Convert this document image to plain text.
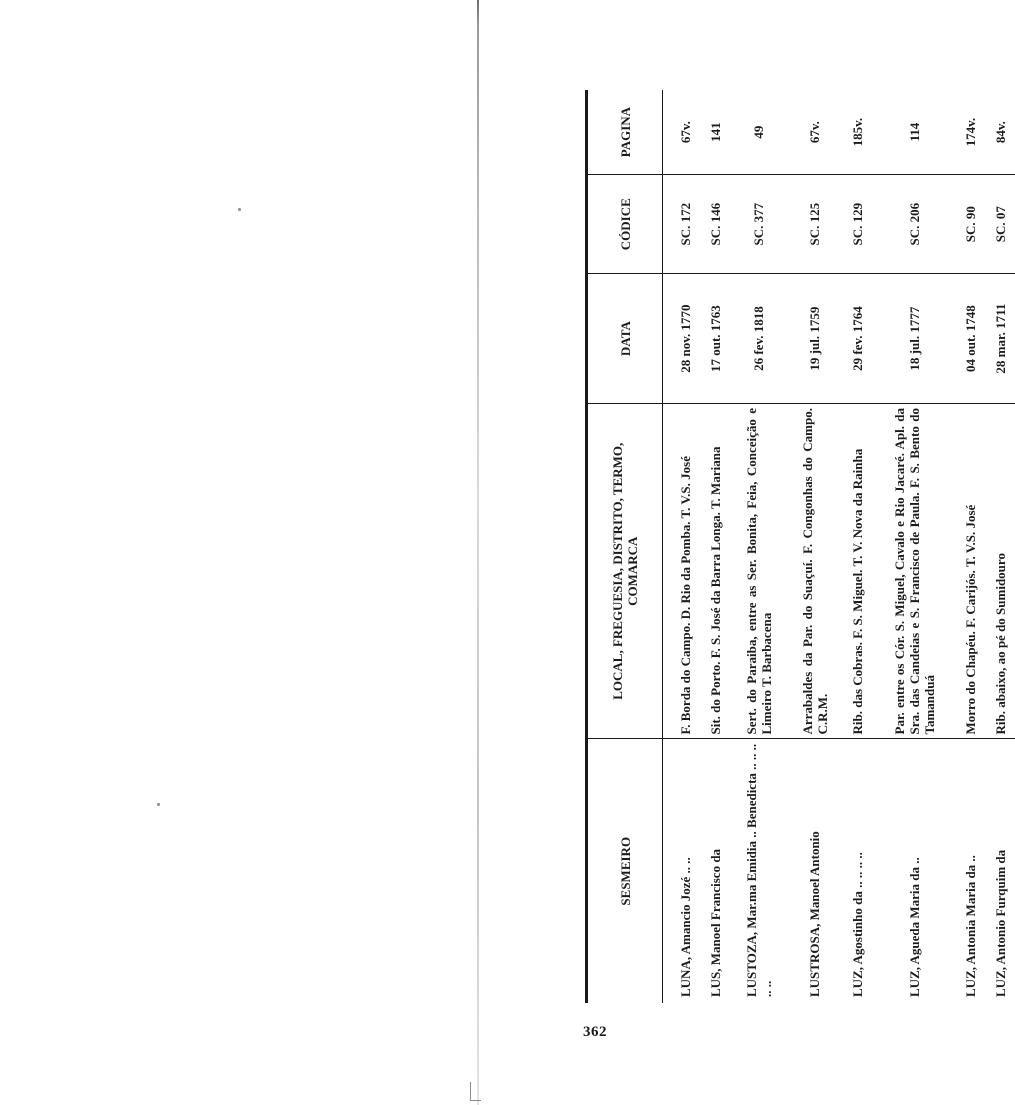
362
SESMEIRO	LOCAL, FREGUESIA, DISTRITO, TERMO, COMARCA	DATA	CÓDICE	PAGINA

LUNA, Amancio Jozé .. ..	F. Borda do Campo. D. Rio da Pomba. T. V.S. José	28 nov. 1770	SC. 172	67v.
LUS, Manoel Francisco da	Sit. do Porto. F. S. José da Barra Longa. T. Mariana	17 out. 1763	SC. 146	141
LUSTOZA, Mar.ma Emidia .. Benedicta .. .. .. .. ..	Sert. do Paraiba, entre as Ser. Bonita, Feia, Conceição e Limeiro T. Barbacena	26 fev. 1818	SC. 377	49
LUSTROSA, Manoel Antonio	Arrabaldes da Par. do Suaçuí. F. Congonhas do Campo. C.R.M.	19 jul. 1759	SC. 125	67v.
LUZ, Agostinho da .. .. .. ..	Rib. das Cobras. F. S. Miguel. T. V. Nova da Rainha	29 fev. 1764	SC. 129	185v.
LUZ, Agueda Maria da ..	Par. entre os Cór. S. Miguel, Cavalo e Rio Jacaré. Apl. da Sra. das Candeias e S. Francisco de Paula. F. S. Bento do Tamanduá	18 jul. 1777	SC. 206	114
LUZ, Antonia Maria da ..	Morro do Chapéu. F. Carijós. T. V.S. José	04 out. 1748	SC. 90	174v.
LUZ, Antonio Furquim da	Rib. abaixo, ao pé do Sumidouro	28 mar. 1711	SC. 07	84v.
